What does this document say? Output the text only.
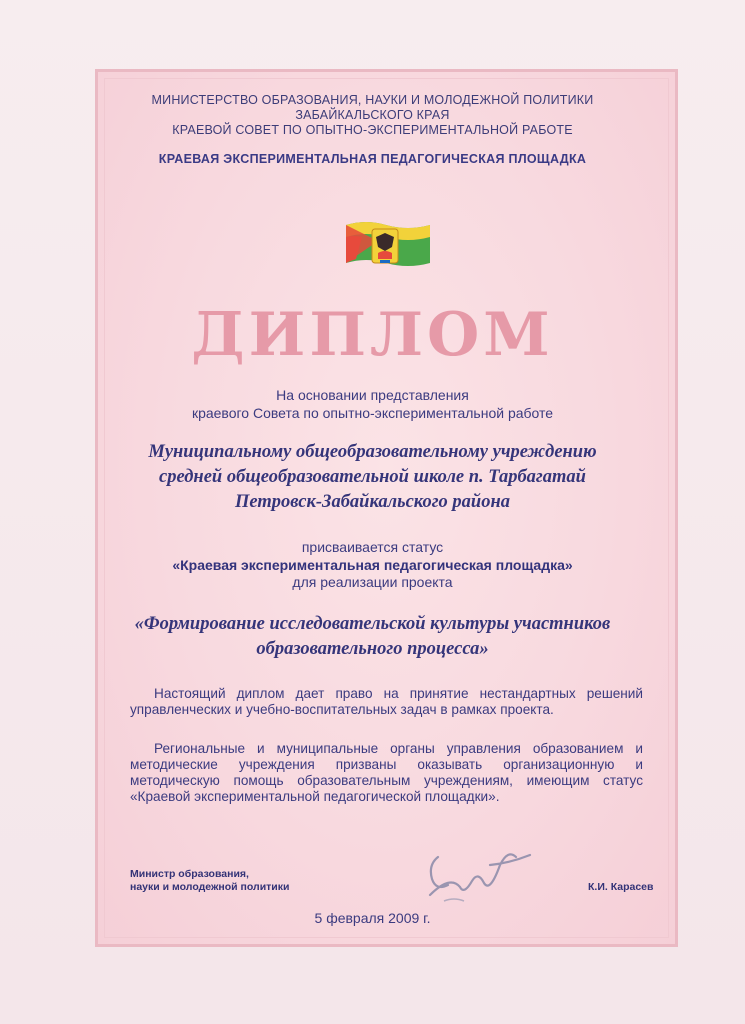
МИНИСТЕРСТВО ОБРАЗОВАНИЯ, НАУКИ И МОЛОДЕЖНОЙ ПОЛИТИКИ
ЗАБАЙКАЛЬСКОГО КРАЯ
КРАЕВОЙ СОВЕТ ПО ОПЫТНО-ЭКСПЕРИМЕНТАЛЬНОЙ РАБОТЕ
КРАЕВАЯ ЭКСПЕРИМЕНТАЛЬНАЯ ПЕДАГОГИЧЕСКАЯ ПЛОЩАДКА
ДИПЛОМ
На основании представления
краевого Совета по опытно-экспериментальной работе
Муниципальному общеобразовательному учреждению
средней общеобразовательной школе п. Тарбагатай
Петровск-Забайкальского района
присваивается статус
«Краевая экспериментальная педагогическая площадка»
для реализации проекта
«Формирование исследовательской культуры участников
образовательного процесса»
Настоящий диплом дает право на принятие нестандартных решений управленческих и учебно-воспитательных задач в рамках проекта.
Региональные и муниципальные органы управления образованием и методические учреждения призваны оказывать организационную и методическую помощь образовательным учреждениям, имеющим статус «Краевой экспериментальной педагогической площадки».
Министр образования,
науки и молодежной политики	К.И. Карасев
5 февраля 2009 г.
